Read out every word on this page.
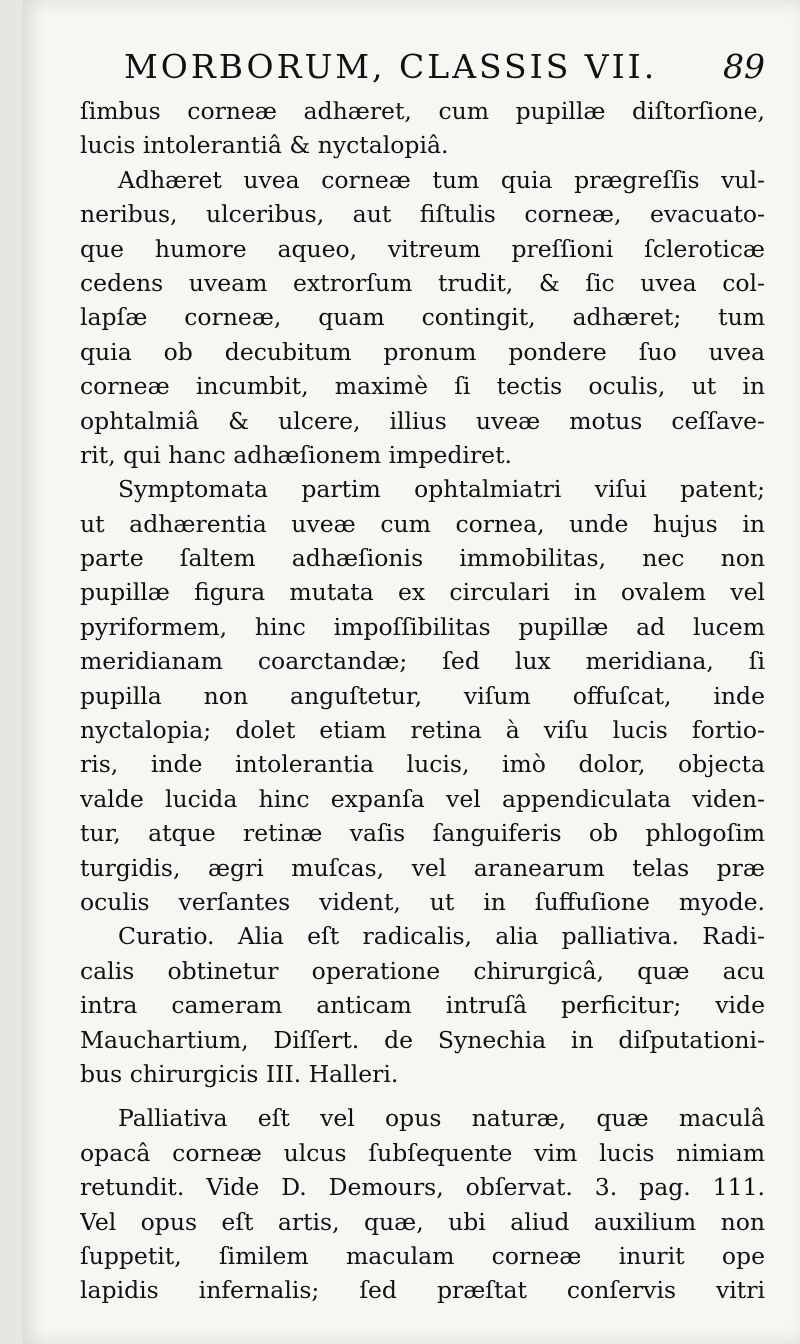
MORBORUM, CLASSIS VII. 89
ſimbus corneæ adhæret, cum pupillæ diſtorſione,
lucis intolerantiâ & nyctalopiâ.
Adhæret uvea corneæ tum quia prægreſſis vul-
neribus, ulceribus, aut fiſtulis corneæ, evacuato-
que humore aqueo, vitreum preſſioni ſcleroticæ
cedens uveam extrorſum trudit, & ſic uvea col-
lapſæ corneæ, quam contingit, adhæret; tum
quia ob decubitum pronum pondere ſuo uvea
corneæ incumbit, maximè ſi tectis oculis, ut in
ophtalmiâ & ulcere, illius uveæ motus ceſſave-
rit, qui hanc adhæſionem impediret.
Symptomata partim ophtalmiatri viſui patent;
ut adhærentia uveæ cum cornea, unde hujus in
parte ſaltem adhæſionis immobilitas, nec non
pupillæ figura mutata ex circulari in ovalem vel
pyriformem, hinc impoſſibilitas pupillæ ad lucem
meridianam coarctandæ; ſed lux meridiana, ſi
pupilla non anguſtetur, viſum offuſcat, inde
nyctalopia; dolet etiam retina à viſu lucis fortio-
ris, inde intolerantia lucis, imò dolor, objecta
valde lucida hinc expanſa vel appendiculata viden-
tur, atque retinæ vaſis ſanguiferis ob phlogoſim
turgidis, ægri muſcas, vel aranearum telas præ
oculis verſantes vident, ut in ſuffuſione myode.
Curatio. Alia eſt radicalis, alia palliativa. Radi-
calis obtinetur operatione chirurgicâ, quæ acu
intra cameram anticam intruſâ perficitur; vide
Mauchartium, Diſſert. de Synechia in diſputationi-
bus chirurgicis III. Halleri.
Palliativa eſt vel opus naturæ, quæ maculâ
opacâ corneæ ulcus ſubſequente vim lucis nimiam
retundit. Vide D. Demours, obſervat. 3. pag. 111.
Vel opus eſt artis, quæ, ubi aliud auxilium non
ſuppetit, ſimilem maculam corneæ inurit ope
lapidis infernalis; ſed præſtat conſervis vitri
